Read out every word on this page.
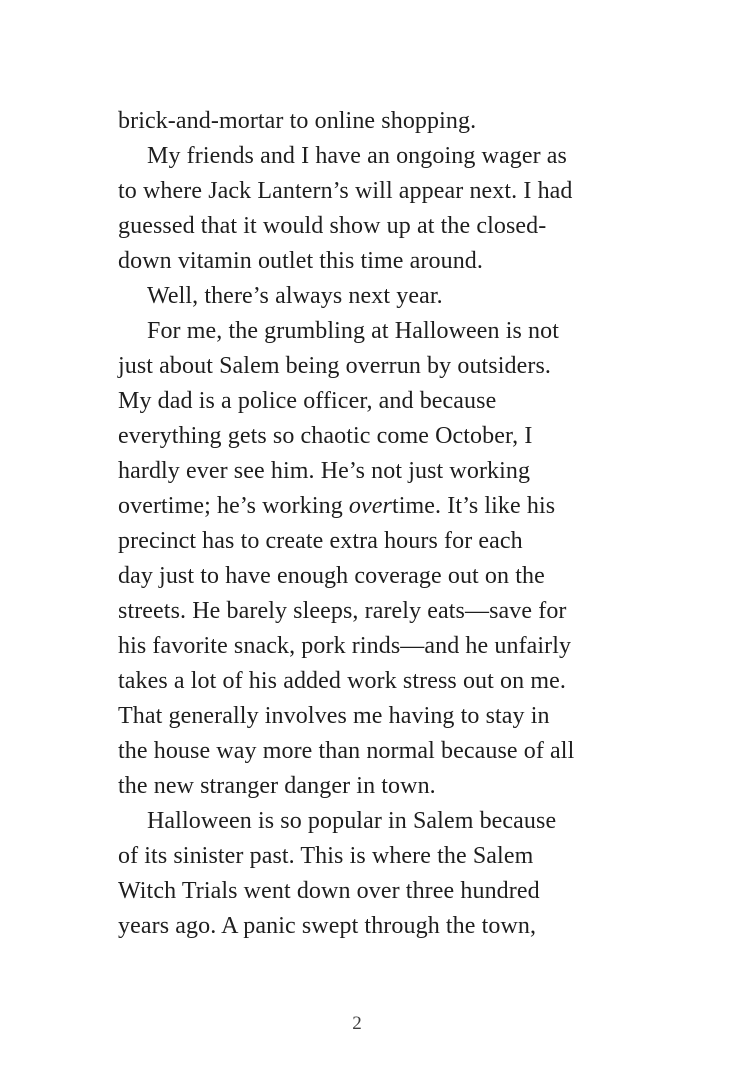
brick-and-mortar to online shopping.
My friends and I have an ongoing wager as
to where Jack Lantern’s will appear next. I had
guessed that it would show up at the closed-
down vitamin outlet this time around.
Well, there’s always next year.
For me, the grumbling at Halloween is not
just about Salem being overrun by outsiders.
My dad is a police officer, and because
everything gets so chaotic come October, I
hardly ever see him. He’s not just working
overtime; he’s working overtime. It’s like his
precinct has to create extra hours for each
day just to have enough coverage out on the
streets. He barely sleeps, rarely eats—save for
his favorite snack, pork rinds—and he unfairly
takes a lot of his added work stress out on me.
That generally involves me having to stay in
the house way more than normal because of all
the new stranger danger in town.
Halloween is so popular in Salem because
of its sinister past. This is where the Salem
Witch Trials went down over three hundred
years ago. A panic swept through the town,
2
